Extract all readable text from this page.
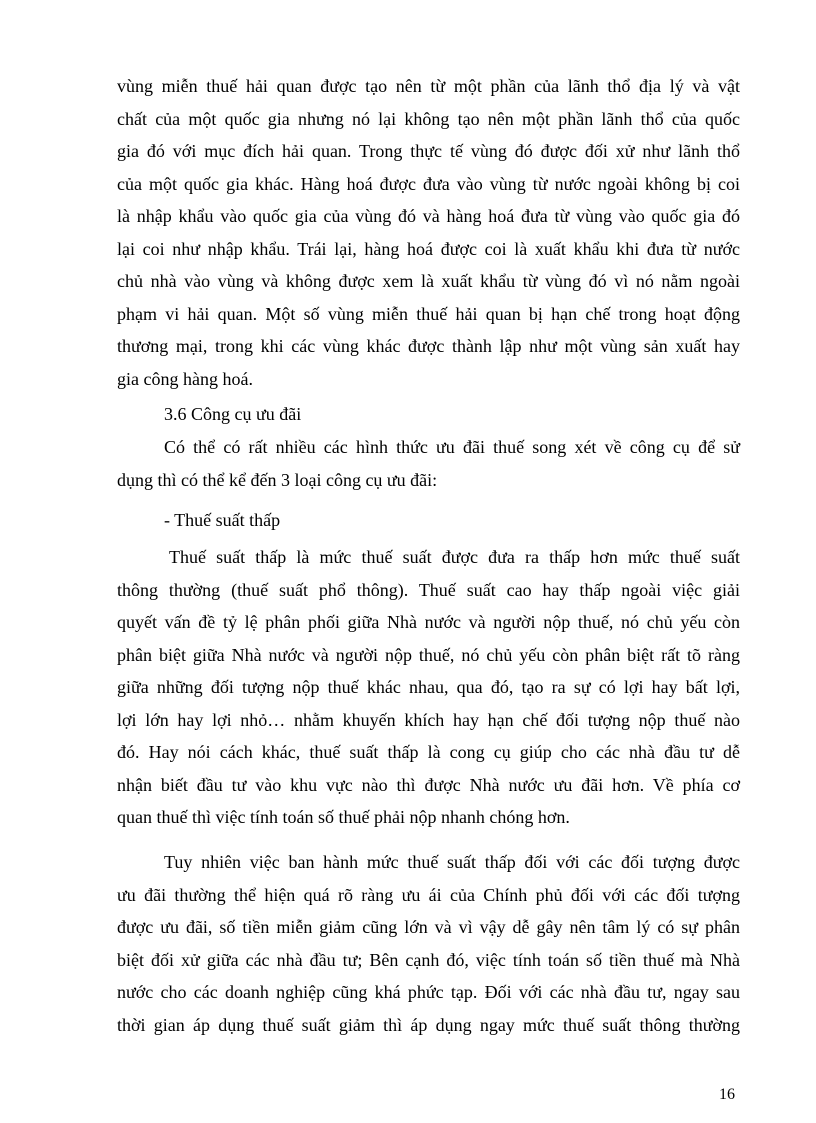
vùng miễn thuế hải quan được tạo nên từ một phần của lãnh thổ địa lý và vật
chất của một quốc gia nhưng nó lại không tạo nên một phần lãnh thổ của quốc
gia đó với mục đích hải quan. Trong thực tế vùng đó được đối xử như lãnh thổ
của một quốc gia khác. Hàng hoá được đưa vào vùng từ nước ngoài không bị coi
là nhập khẩu vào quốc gia của vùng đó và hàng hoá đưa từ vùng vào quốc gia đó
lại coi như nhập khẩu. Trái lại, hàng hoá được coi là xuất khẩu khi đưa từ nước
chủ nhà vào vùng và không được xem là xuất khẩu từ vùng đó vì nó nằm ngoài
phạm vi hải quan. Một số vùng miễn thuế hải quan bị hạn chế trong hoạt động
thương mại, trong khi các vùng khác được thành lập như một vùng sản xuất hay
gia công hàng hoá.
3.6 Công cụ ưu đãi
Có thể có rất nhiều các hình thức ưu đãi thuế song xét về công cụ để sử
dụng thì có thể kể đến 3 loại công cụ ưu đãi:
- Thuế suất thấp
Thuế suất thấp là mức thuế suất được đưa ra thấp hơn mức thuế suất
thông thường (thuế suất phổ thông). Thuế suất cao hay thấp ngoài việc giải
quyết vấn đề tỷ lệ phân phối giữa Nhà nước và người nộp thuế, nó chủ yếu còn
phân biệt giữa Nhà nước và người nộp thuế, nó chủ yếu còn phân biệt rất tõ ràng
giữa những đối tượng nộp thuế khác nhau, qua đó, tạo ra sự có lợi hay bất lợi,
lợi lớn hay lợi nhỏ… nhằm khuyến khích hay hạn chế đối tượng nộp thuế nào
đó. Hay nói cách khác, thuế suất thấp là cong cụ giúp cho các nhà đầu tư dễ
nhận biết đầu tư vào khu vực nào thì được Nhà nước ưu đãi hơn. Về phía cơ
quan thuế thì việc tính toán số thuế phải nộp nhanh chóng hơn.
Tuy nhiên việc ban hành mức thuế suất thấp đối với các đối tượng được
ưu đãi thường thể hiện quá rõ ràng ưu ái của Chính phủ đối với các đối tượng
được ưu đãi, số tiền miễn giảm cũng lớn và vì vậy dễ gây nên tâm lý có sự phân
biệt đối xử giữa các nhà đầu tư; Bên cạnh đó, việc tính toán số tiền thuế mà Nhà
nước cho các doanh nghiệp cũng khá phức tạp. Đối với các nhà đầu tư, ngay sau
thời gian áp dụng thuế suất giảm thì áp dụng ngay mức thuế suất thông thường
16
